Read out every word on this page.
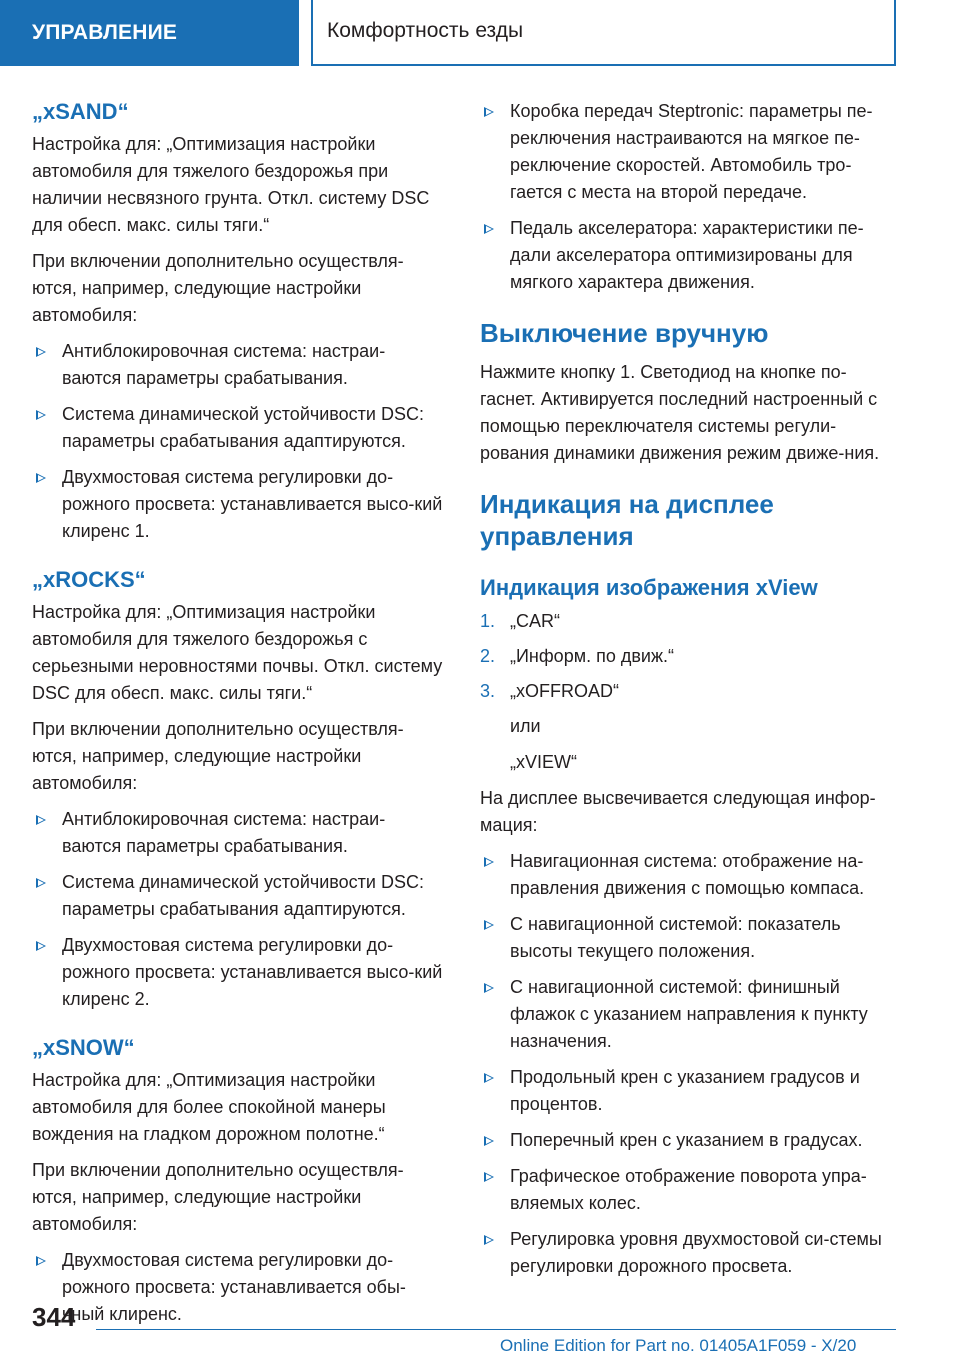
УПРАВЛЕНИЕ	Комфортность езды
„xSAND“

Настройка для: „Оптимизация настройки автомобиля для тяжелого бездорожья при наличии несвязного грунта. Откл. систему DSC для обесп. макс. силы тяги.“

При включении дополнительно осуществля-ются, например, следующие настройки автомобиля:

Антиблокировочная система: настраи-ваются параметры срабатывания.
Система динамической устойчивости DSC: параметры срабатывания адаптируются.
Двухмостовая система регулировки до-рожного просвета: устанавливается высо-кий клиренс 1.
„xROCKS“

Настройка для: „Оптимизация настройки автомобиля для тяжелого бездорожья с серьезными неровностями почвы. Откл. систему DSC для обесп. макс. силы тяги.“

При включении дополнительно осуществля-ются, например, следующие настройки автомобиля:

Антиблокировочная система: настраи-ваются параметры срабатывания.
Система динамической устойчивости DSC: параметры срабатывания адаптируются.
Двухмостовая система регулировки до-рожного просвета: устанавливается высо-кий клиренс 2.
„xSNOW“

Настройка для: „Оптимизация настройки автомобиля для более спокойной манеры вождения на гладком дорожном полотне.“

При включении дополнительно осуществля-ются, например, следующие настройки автомобиля:

Двухмостовая система регулировки до-рожного просвета: устанавливается обы-чный клиренс.
Коробка передач Steptronic: параметры пе-реключения настраиваются на мягкое пе-реключение скоростей. Автомобиль тро-гается с места на второй передаче.
Педаль акселератора: характеристики пе-дали акселератора оптимизированы для мягкого характера движения.
Выключение вручную

Нажмите кнопку 1. Светодиод на кнопке по-гаснет. Активируется последний настроенный с помощью переключателя системы регули-рования динамики движения режим движе-ния.

Индикация на дисплее управления
Индикация изображения xView
1. „CAR“
2. „Информ. по движ.“
3. „xOFFROAD“

или

„xVIEW“

На дисплее высвечивается следующая инфор-мация:

Навигационная система: отображение на-правления движения с помощью компаса.
С навигационной системой: показатель высоты текущего положения.
С навигационной системой: финишный флажок с указанием направления к пункту назначения.
Продольный крен с указанием градусов и процентов.
Поперечный крен с указанием в градусах.
Графическое отображение поворота упра-вляемых колес.
Регулировка уровня двухмостовой си-стемы регулировки дорожного просвета.
344
Online Edition for Part no. 01405A1F059 - X/20
